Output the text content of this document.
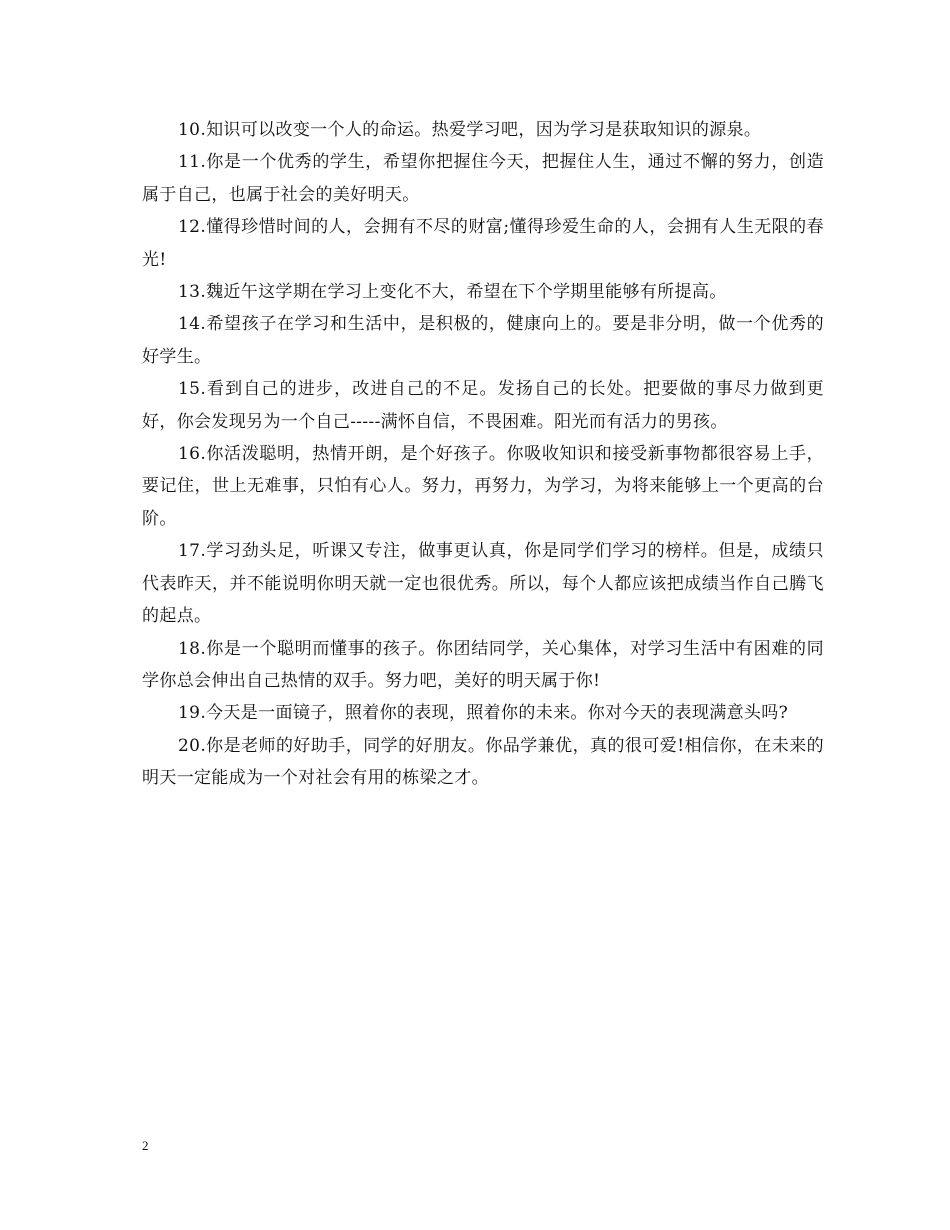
10.知识可以改变一个人的命运。热爱学习吧，因为学习是获取知识的源泉。

11.你是一个优秀的学生，希望你把握住今天，把握住人生，通过不懈的努力，创造属于自己，也属于社会的美好明天。

12.懂得珍惜时间的人，会拥有不尽的财富;懂得珍爱生命的人，会拥有人生无限的春光!

13.魏近午这学期在学习上变化不大，希望在下个学期里能够有所提高。

14.希望孩子在学习和生活中，是积极的，健康向上的。要是非分明，做一个优秀的好学生。

15.看到自己的进步，改进自己的不足。发扬自己的长处。把要做的事尽力做到更好，你会发现另为一个自己-----满怀自信，不畏困难。阳光而有活力的男孩。

16.你活泼聪明，热情开朗，是个好孩子。你吸收知识和接受新事物都很容易上手，要记住，世上无难事，只怕有心人。努力，再努力，为学习，为将来能够上一个更高的台阶。

17.学习劲头足，听课又专注，做事更认真，你是同学们学习的榜样。但是，成绩只代表昨天，并不能说明你明天就一定也很优秀。所以，每个人都应该把成绩当作自己腾飞的起点。

18.你是一个聪明而懂事的孩子。你团结同学，关心集体，对学习生活中有困难的同学你总会伸出自己热情的双手。努力吧，美好的明天属于你!

19.今天是一面镜子，照着你的表现，照着你的未来。你对今天的表现满意头吗?

20.你是老师的好助手，同学的好朋友。你品学兼优，真的很可爱!相信你，在未来的明天一定能成为一个对社会有用的栋梁之才。

2
